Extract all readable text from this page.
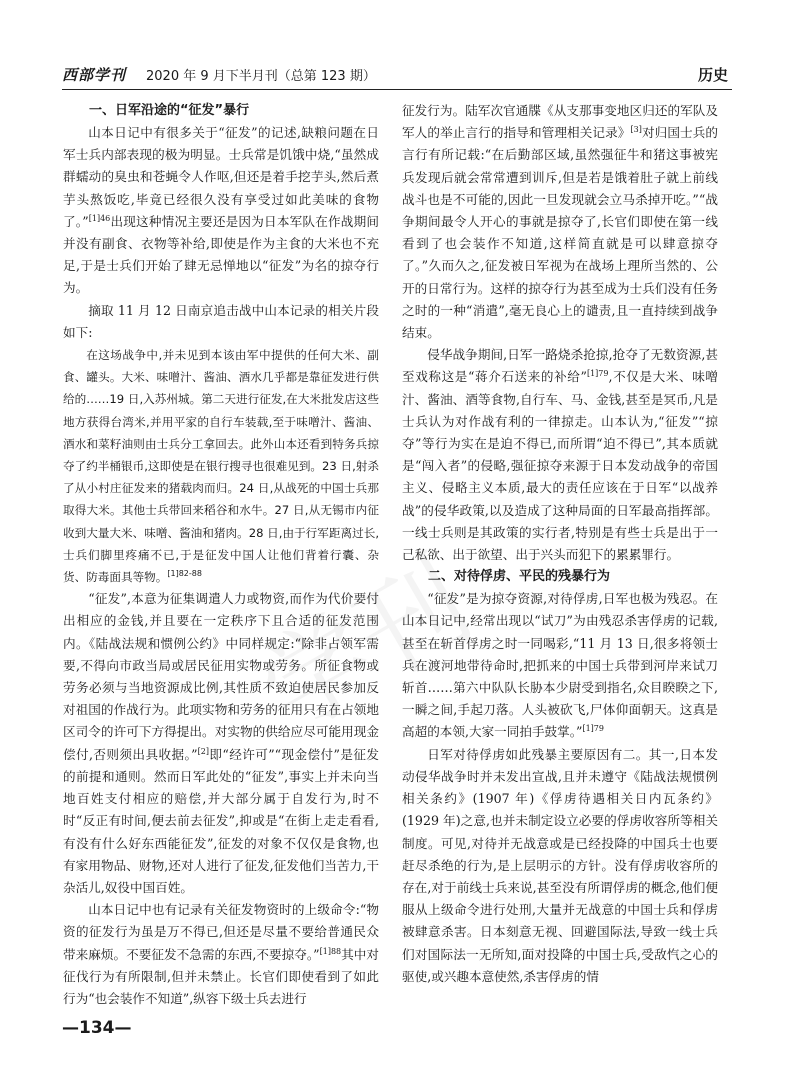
西部学刊 2020 年 9 月下半月刊（总第 123 期）	历史
一、日军沿途的“征发”暴行

山本日记中有很多关于“征发”的记述,缺粮问题在日军士兵内部表现的极为明显。士兵常是饥饿中烧,“虽然成群蠕动的臭虫和苍蝇令人作呕,但还是着手挖芋头,然后煮芋头熬饭吃,毕竟已经很久没有享受过如此美味的食物了。”$^{[1]46}$出现这种情况主要还是因为日本军队在作战期间并没有副食、衣物等补给,即使是作为主食的大米也不充足,于是士兵们开始了肆无忌惮地以“征发”为名的掠夺行为。

摘取 11 月 12 日南京追击战中山本记录的相关片段如下:

在这场战争中,并未见到本该由军中提供的任何大米、副食、罐头。大米、味噌汁、酱油、酒水几乎都是靠征发进行供给的……19 日,入苏州城。第二天进行征发,在大米批发店这些地方获得台湾米,并用平家的自行车装载,至于味噌汁、酱油、酒水和菜籽油则由士兵分工拿回去。此外山本还看到特务兵掠夺了约半桶银币,这即使是在银行搜寻也很难见到。23 日,射杀了从小村庄征发来的猪载肉而归。24 日,从战死的中国士兵那取得大米。其他士兵带回来稻谷和水牛。27 日,从无锡市内征收到大量大米、味噌、酱油和猪肉。28 日,由于行军距离过长,士兵们脚里疼痛不已,于是征发中国人让他们背着行囊、杂货、防毒面具等物。$^{[1]82-88}$

“征发”,本意为征集调遣人力或物资,而作为代价要付出相应的金钱,并且要在一定秩序下且合适的征发范围内。《陆战法规和惯例公约》中同样规定:“除非占领军需要,不得向市政当局或居民征用实物或劳务。所征食物或劳务必须与当地资源成比例,其性质不致迫使居民参加反对祖国的作战行为。此项实物和劳务的征用只有在占领地区司令的许可下方得提出。对实物的供给应尽可能用现金偿付,否则须出具收据。”[2]即“经许可”“现金偿付”是征发的前提和通则。然而日军此处的“征发”,事实上并未向当地百姓支付相应的赔偿,并大部分属于自发行为,时不时“反正有时间,便去前去征发”,抑或是“在街上走走看看,有没有什么好东西能征发”,征发的对象不仅仅是食物,也有家用物品、财物,还对人进行了征发,征发他们当苦力,干杂活儿,奴役中国百姓。

山本日记中也有记录有关征发物资时的上级命令:“物资的征发行为虽是万不得已,但还是尽量不要给普通民众带来麻烦。不要征发不急需的东西,不要掠夺。”$^{[1]88}$其中对征伐行为有所限制,但并未禁止。长官们即使看到了如此行为“也会装作不知道”,纵容下级士兵去进行

征发行为。陆军次官通牒《从支那事变地区归还的军队及军人的举止言行的指导和管理相关记录》[3]对归国士兵的言行有所记载:“在后勤部区域,虽然强征牛和猪这事被宪兵发现后就会常常遭到训斥,但是若是饿着肚子就上前线战斗也是不可能的,因此一旦发现就会立马杀掉开吃。”“战争期间最令人开心的事就是掠夺了,长官们即使在第一线看到了也会装作不知道,这样简直就是可以肆意掠夺了。”久而久之,征发被日军视为在战场上理所当然的、公开的日常行为。这样的掠夺行为甚至成为士兵们没有任务之时的一种“消遣”,毫无良心上的谴责,且一直持续到战争结束。

侵华战争期间,日军一路烧杀抢掠,抢夺了无数资源,甚至戏称这是“蒋介石送来的补给”$^{[1]79}$,不仅是大米、味噌汁、酱油、酒等食物,自行车、马、金钱,甚至是冥币,凡是士兵认为对作战有利的一律掠走。山本认为,“征发”“掠夺”等行为实在是迫不得已,而所谓“迫不得已”,其本质就是“闯入者”的侵略,强征掠夺来源于日本发动战争的帝国主义、侵略主义本质,最大的责任应该在于日军“以战养战”的侵华政策,以及造成了这种局面的日军最高指挥部。一线士兵则是其政策的实行者,特别是有些士兵是出于一己私欲、出于欲望、出于兴头而犯下的累累罪行。

二、对待俘虏、平民的残暴行为

“征发”是为掠夺资源,对待俘虏,日军也极为残忍。在山本日记中,经常出现以“试刀”为由残忍杀害俘虏的记载,甚至在斩首俘虏之时一同喝彩,“11 月 13 日,很多将领士兵在渡河地带待命时,把抓来的中国士兵带到河岸来试刀斩首……第六中队队长胁本少尉受到指名,众目睽睽之下,一瞬之间,手起刀落。人头被砍飞,尸体仰面朝天。这真是高超的本领,大家一同拍手鼓掌。”$^{[1]79}$

日军对待俘虏如此残暴主要原因有二。其一,日本发动侵华战争时并未发出宣战,且并未遵守《陆战法规惯例相关条约》(1907 年)《俘虏待遇相关日内瓦条约》(1929 年)之意,也并未制定设立必要的俘虏收容所等相关制度。可见,对待并无战意或是已经投降的中国兵士也要赶尽杀绝的行为,是上层明示的方针。没有俘虏收容所的存在,对于前线士兵来说,甚至没有所谓俘虏的概念,他们便服从上级命令进行处刑,大量并无战意的中国士兵和俘虏被肆意杀害。日本刻意无视、回避国际法,导致一线士兵们对国际法一无所知,面对投降的中国士兵,受敌忾之心的驱使,或兴趣本意使然,杀害俘虏的情

—134—
